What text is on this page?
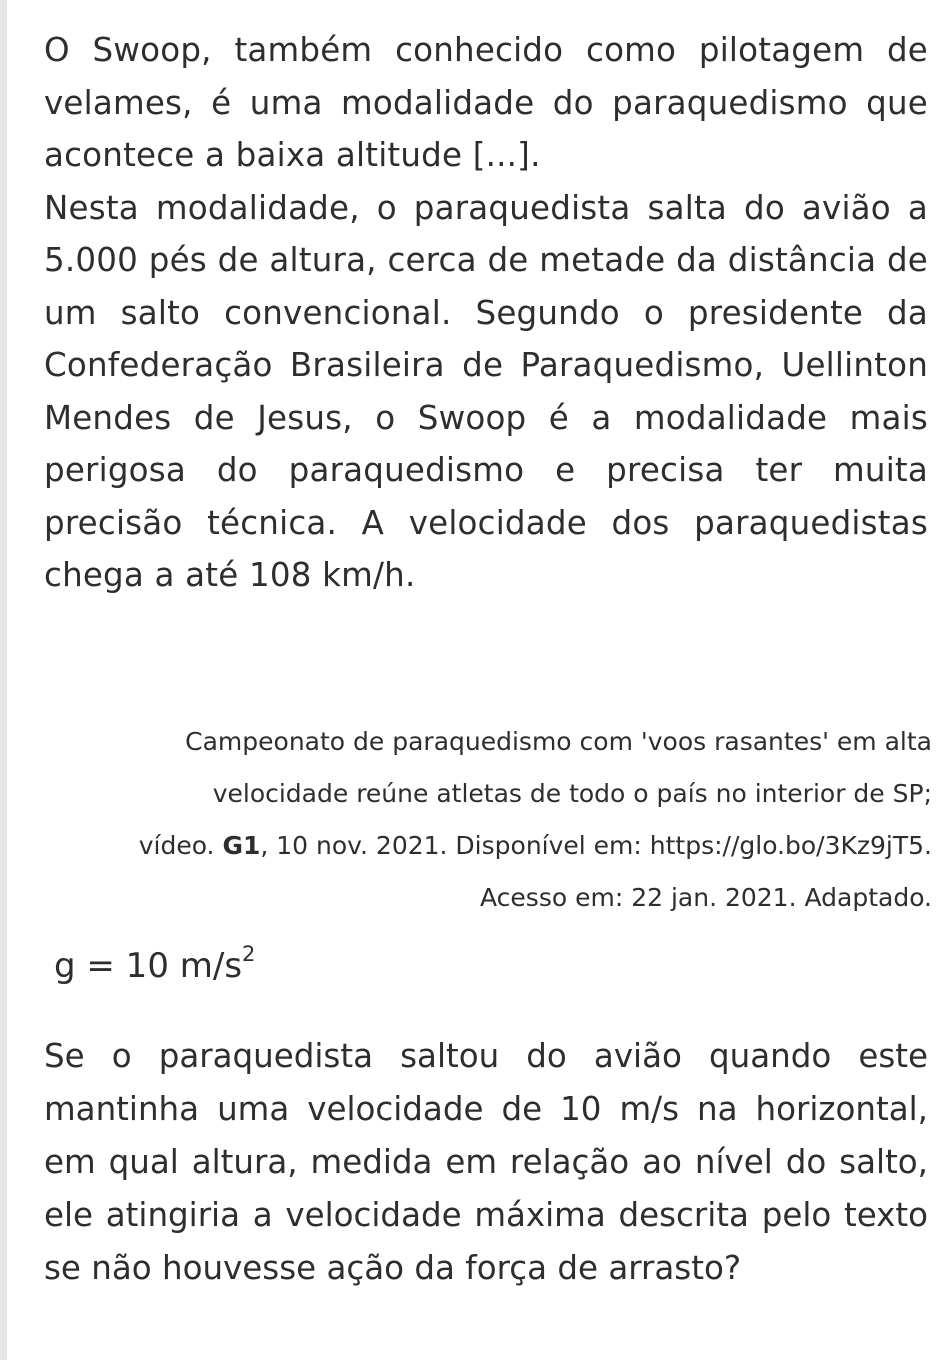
O Swoop, também conhecido como pilotagem de velames, é uma modalidade do paraquedismo que acontece a baixa altitude [...].

Nesta modalidade, o paraquedista salta do avião a 5.000 pés de altura, cerca de metade da distância de um salto convencional. Segundo o presidente da Confederação Brasileira de Paraquedismo, Uellinton Mendes de Jesus, o Swoop é a modalidade mais perigosa do paraquedismo e precisa ter muita precisão técnica. A velocidade dos paraquedistas chega a até 108 km/h.

Campeonato de paraquedismo com 'voos rasantes' em alta
velocidade reúne atletas de todo o país no interior de SP;
vídeo. G1, 10 nov. 2021. Disponível em: https://glo.bo/3Kz9jT5.
Acesso em: 22 jan. 2021. Adaptado.
g = 10 $m/s^2$

Se o paraquedista saltou do avião quando este mantinha uma velocidade de 10 m/s na horizontal, em qual altura, medida em relação ao nível do salto, ele atingiria a velocidade máxima descrita pelo texto se não houvesse ação da força de arrasto?
